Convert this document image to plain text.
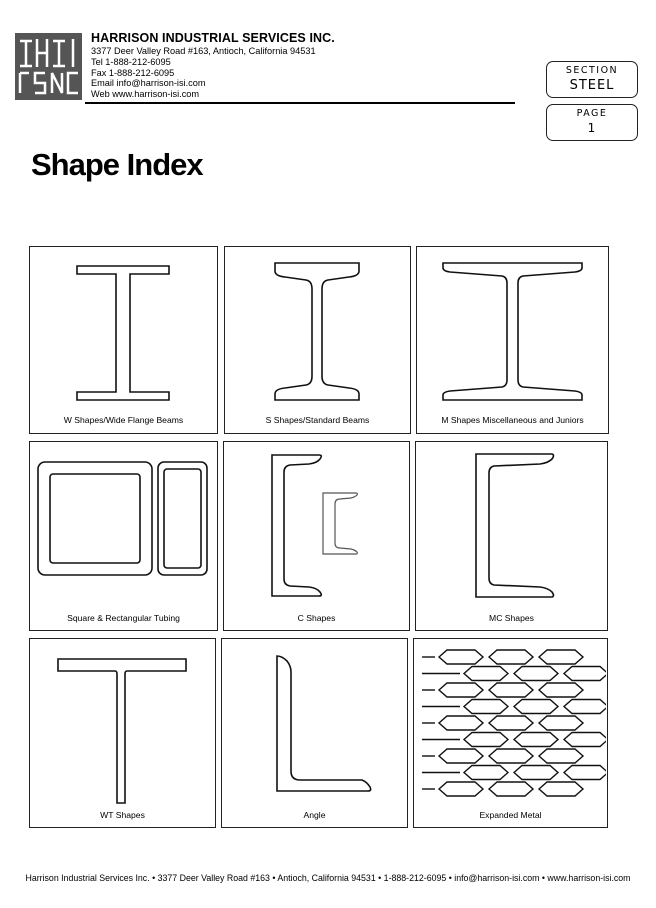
HARRISON INDUSTRIAL SERVICES INC.
3377 Deer Valley Road #163, Antioch, California 94531
Tel 1-888-212-6095
Fax 1-888-212-6095
Email info@harrison-isi.com
Web www.harrison-isi.com
SECTION
STEEL
PAGE
1
Shape Index
W Shapes/Wide Flange Beams	S Shapes/Standard Beams	M Shapes Miscellaneous and Juniors
Square & Rectangular Tubing	C Shapes	MC Shapes
WT Shapes	Angle	Expanded Metal
Harrison Industrial Services Inc. • 3377 Deer Valley Road #163 • Antioch, California 94531 • 1-888-212-6095 • info@harrison-isi.com • www.harrison-isi.com
